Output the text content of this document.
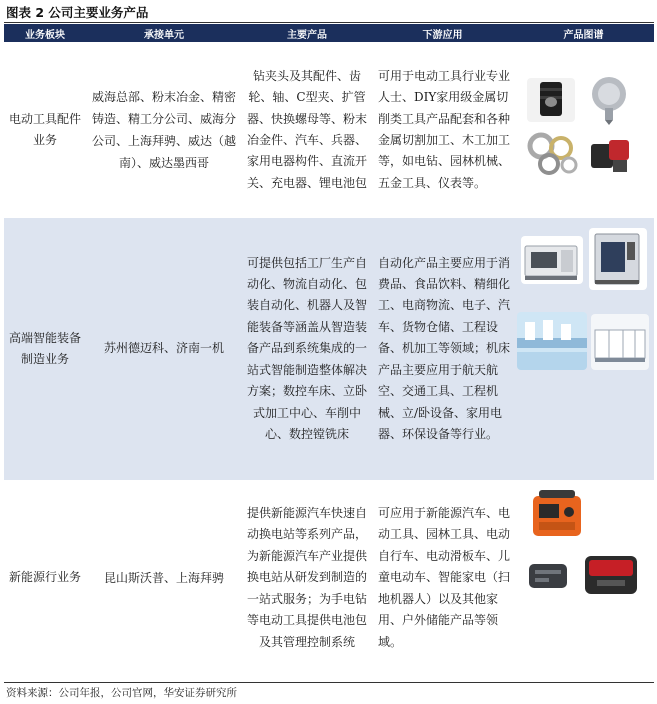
图表 2 公司主要业务产品
业务板块	承接单元	主要产品	下游应用	产品图谱
电动工具配件业务	威海总部、粉末冶金、精密铸造、精工分公司、威海分公司、上海拜骋、威达（越南）、威达墨西哥	钻夹头及其配件、齿轮、轴、C型夹、扩管器、快换螺母等、粉末冶金件、汽车、兵器、家用电器构件、直流开关、充电器、锂电池包	可用于电动工具行业专业人士、DIY家用级金属切削类工具产品配套和各种金属切割加工、木工加工等，如电钻、园林机械、五金工具、仪表等。	

高端智能装备制造业务	苏州德迈科、济南一机	可提供包括工厂生产自动化、物流自动化、包装自动化、机器人及智能装备等涵盖从智造装备产品到系统集成的一站式智能制造整体解决方案；数控车床、立卧式加工中心、车削中心、数控镗铣床	自动化产品主要应用于消费品、食品饮料、精细化工、电商物流、电子、汽车、货物仓储、工程设备、机加工等领域；机床产品主要应用于航天航空、交通工具、工程机械、立/卧设备、家用电器、环保设备等行业。	

新能源行业务	昆山斯沃普、上海拜骋	提供新能源汽车快速自动换电站等系列产品，为新能源汽车产业提供换电站从研发到制造的一站式服务；为手电钻等电动工具提供电池包及其管理控制系统	可应用于新能源汽车、电动工具、园林工具、电动自行车、电动滑板车、儿童电动车、智能家电（扫地机器人）以及其他家用、户外储能产品等领域。	
资料来源：公司年报，公司官网，华安证券研究所
